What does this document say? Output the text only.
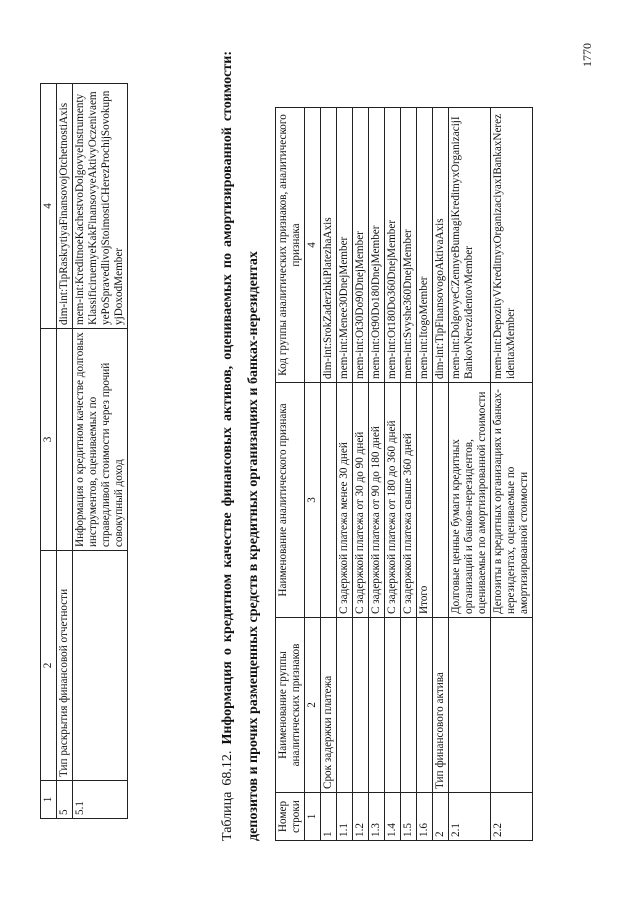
1770
1	2	3	4
5	Тип раскрытия финансовой отчетности		dim-int:TipRaskrytiyaFinansovojOtchetnostiAxis
5.1		Информация о кредитном качестве долговых инструментов, оцениваемых по справедливой стоимости через прочий совокупный доход	mem-int:KreditnoeKachestvoDolgovyeInstrumentyKlassificiruemyeKakFinansovyeAktivyOczenivaemyePoSpravedlivojStoimostiCHerezProchijSovokupnyjDoxodMember
Таблица 68.12. Информация о кредитном качестве финансовых активов, оцениваемых по амортизированной стоимости: депозитов и прочих размещенных средств в кредитных организациях и банках-нерезидентах	Номер строки	Наименование группы аналитических признаков	Наименование аналитического признака	Код группы аналитических признаков, аналитического признака
1	2	3	4
1	Срок задержки платежа		dim-int:SrokZaderzhkiPlatezhaAxis
1.1		С задержкой платежа менее 30 дней	mem-int:Menee30DnejMember
1.2		С задержкой платежа от 30 до 90 дней	mem-int:Ot30Do90DnejMember
1.3		С задержкой платежа от 90 до 180 дней	mem-int:Ot90Do180DnejMember
1.4		С задержкой платежа от 180 до 360 дней	mem-int:Ot180Do360DnejMember
1.5		С задержкой платежа свыше 360 дней	mem-int:Svyshe360DnejMember
1.6		Итого	mem-int:ItogoMember
2	Тип финансового актива		dim-int:TipFinansovogoAktivaAxis
2.1		Долговые ценные бумаги кредитных организаций и банков-нерезидентов, оцениваемые по амортизированной стоимости	mem-int:DolgovyeCZennyeBumagiKreditnyxOrganizacijIBankovNerezidentovMember
2.2		Депозиты в кредитных организациях и банках-нерезидентах, оцениваемые по амортизированной стоимости	mem-int:DepozityVKreditnyxOrganizaciyaxIBankaxNerezidentaxMember
